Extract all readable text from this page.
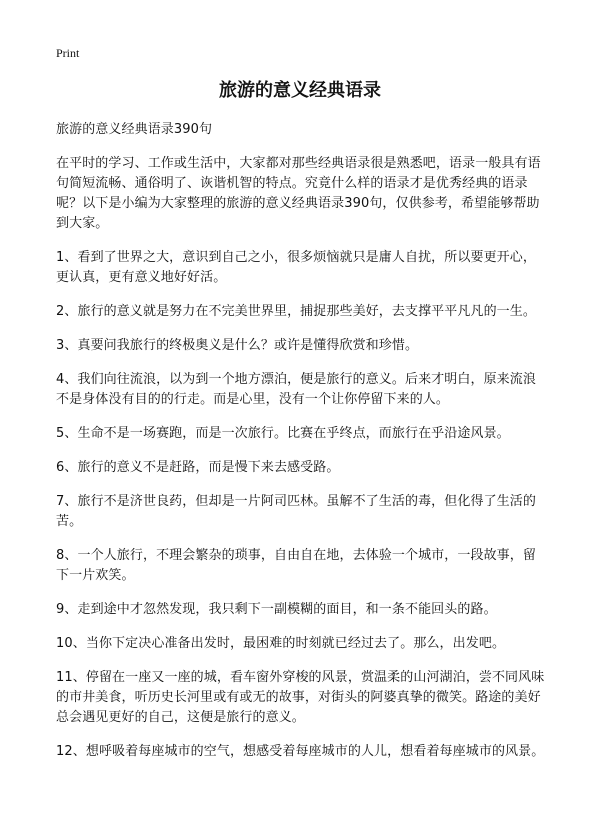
Print
旅游的意义经典语录

旅游的意义经典语录390句

在平时的学习、工作或生活中，大家都对那些经典语录很是熟悉吧，语录一般具有语句简短流畅、通俗明了、诙谐机智的特点。究竟什么样的语录才是优秀经典的语录呢？以下是小编为大家整理的旅游的意义经典语录390句，仅供参考，希望能够帮助到大家。

1、看到了世界之大，意识到自己之小，很多烦恼就只是庸人自扰，所以要更开心，更认真，更有意义地好好活。

2、旅行的意义就是努力在不完美世界里，捕捉那些美好，去支撑平平凡凡的一生。

3、真要问我旅行的终极奥义是什么？或许是懂得欣赏和珍惜。

4、我们向往流浪，以为到一个地方漂泊，便是旅行的意义。后来才明白，原来流浪不是身体没有目的的行走。而是心里，没有一个让你停留下来的人。

5、生命不是一场赛跑，而是一次旅行。比赛在乎终点，而旅行在乎沿途风景。

6、旅行的意义不是赶路，而是慢下来去感受路。

7、旅行不是济世良药，但却是一片阿司匹林。虽解不了生活的毒，但化得了生活的苦。

8、一个人旅行，不理会繁杂的琐事，自由自在地，去体验一个城市，一段故事，留下一片欢笑。

9、走到途中才忽然发现，我只剩下一副模糊的面目，和一条不能回头的路。

10、当你下定决心准备出发时，最困难的时刻就已经过去了。那么，出发吧。

11、停留在一座又一座的城，看车窗外穿梭的风景，赏温柔的山河湖泊，尝不同风味的市井美食，听历史长河里或有或无的故事，对街头的阿婆真挚的微笑。路途的美好总会遇见更好的自己，这便是旅行的意义。

12、想呼吸着每座城市的空气，想感受着每座城市的人儿，想看着每座城市的风景。
